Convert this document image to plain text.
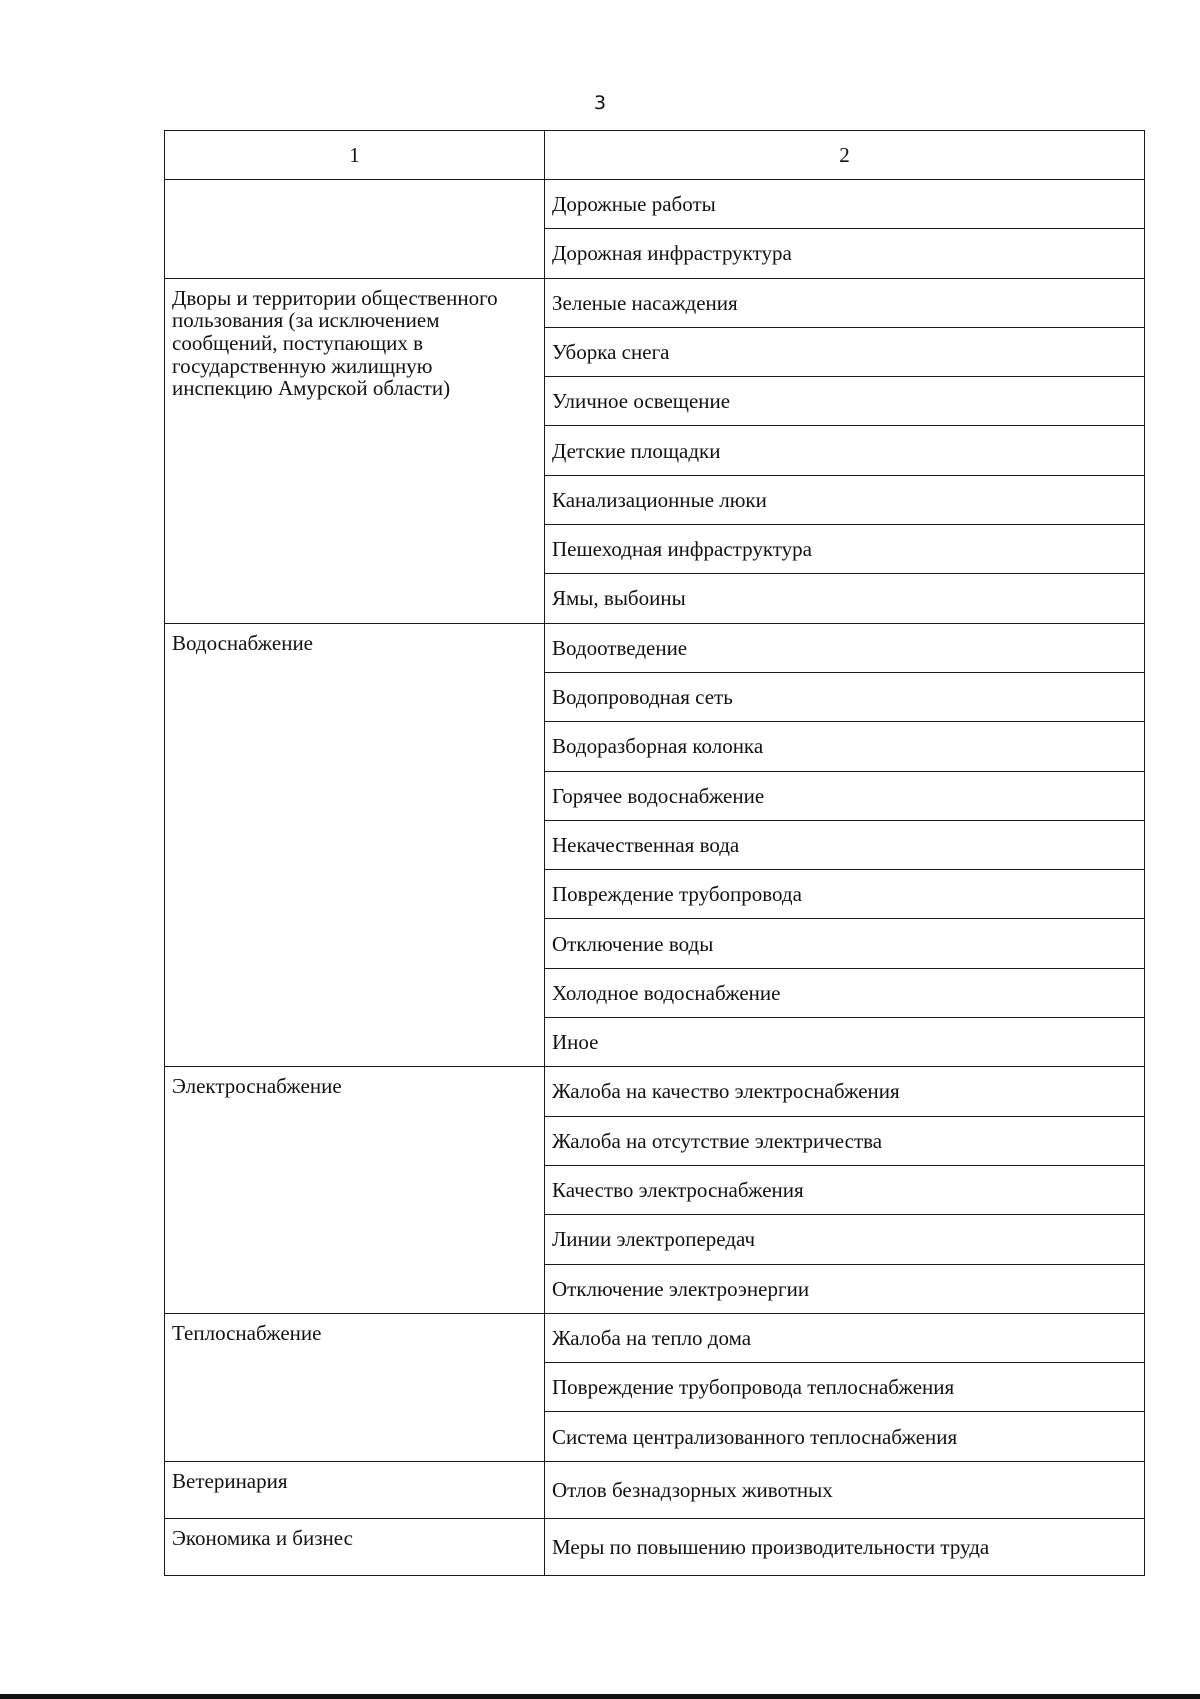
3
1	2
	Дорожные работы
	Дорожная инфраструктура
Дворы и территории общественного пользования (за исключением сообщений, поступающих в государственную жилищную инспекцию Амурской области)	Зеленые насаждения
	Уборка снега
	Уличное освещение
	Детские площадки
	Канализационные люки
	Пешеходная инфраструктура
	Ямы, выбоины
Водоснабжение	Водоотведение
	Водопроводная сеть
	Водоразборная колонка
	Горячее водоснабжение
	Некачественная вода
	Повреждение трубопровода
	Отключение воды
	Холодное водоснабжение
	Иное
Электроснабжение	Жалоба на качество электроснабжения
	Жалоба на отсутствие электричества
	Качество электроснабжения
	Линии электропередач
	Отключение электроэнергии
Теплоснабжение	Жалоба на тепло дома
	Повреждение трубопровода теплоснабжения
	Система централизованного теплоснабжения
Ветеринария	Отлов безнадзорных животных
Экономика и бизнес	Меры по повышению производительности труда
